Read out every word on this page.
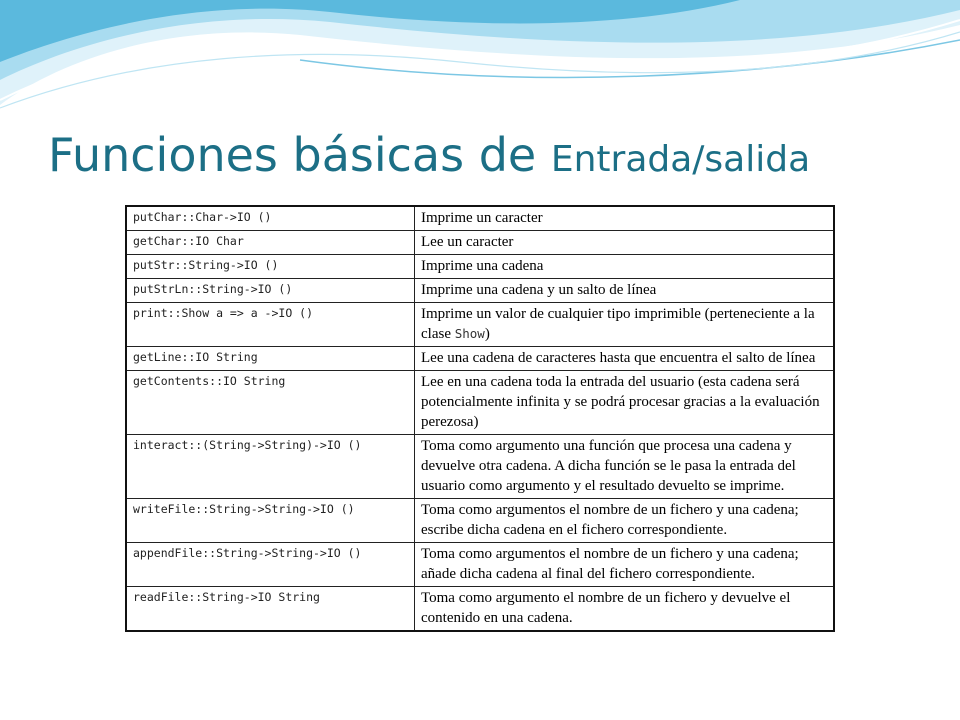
Funciones básicas de Entrada/salida
putChar::Char->IO ()	Imprime un caracter
getChar::IO Char	Lee un caracter
putStr::String->IO ()	Imprime una cadena
putStrLn::String->IO ()	Imprime una cadena y un salto de línea
print::Show a => a ->IO ()	Imprime un valor de cualquier tipo imprimible (perteneciente a la clase Show)
getLine::IO String	Lee una cadena de caracteres hasta que encuentra el salto de línea
getContents::IO String	Lee en una cadena toda la entrada del usuario (esta cadena será potencialmente infinita y se podrá procesar gracias a la evaluación perezosa)
interact::(String->String)->IO ()	Toma como argumento una función que procesa una cadena y devuelve otra cadena. A dicha función se le pasa la entrada del usuario como argumento y el resultado devuelto se imprime.
writeFile::String->String->IO ()	Toma como argumentos el nombre de un fichero y una cadena; escribe dicha cadena en el fichero correspondiente.
appendFile::String->String->IO ()	Toma como argumentos el nombre de un fichero y una cadena; añade dicha cadena al final del fichero correspondiente.
readFile::String->IO String	Toma como argumento el nombre de un fichero y devuelve el contenido en una cadena.
